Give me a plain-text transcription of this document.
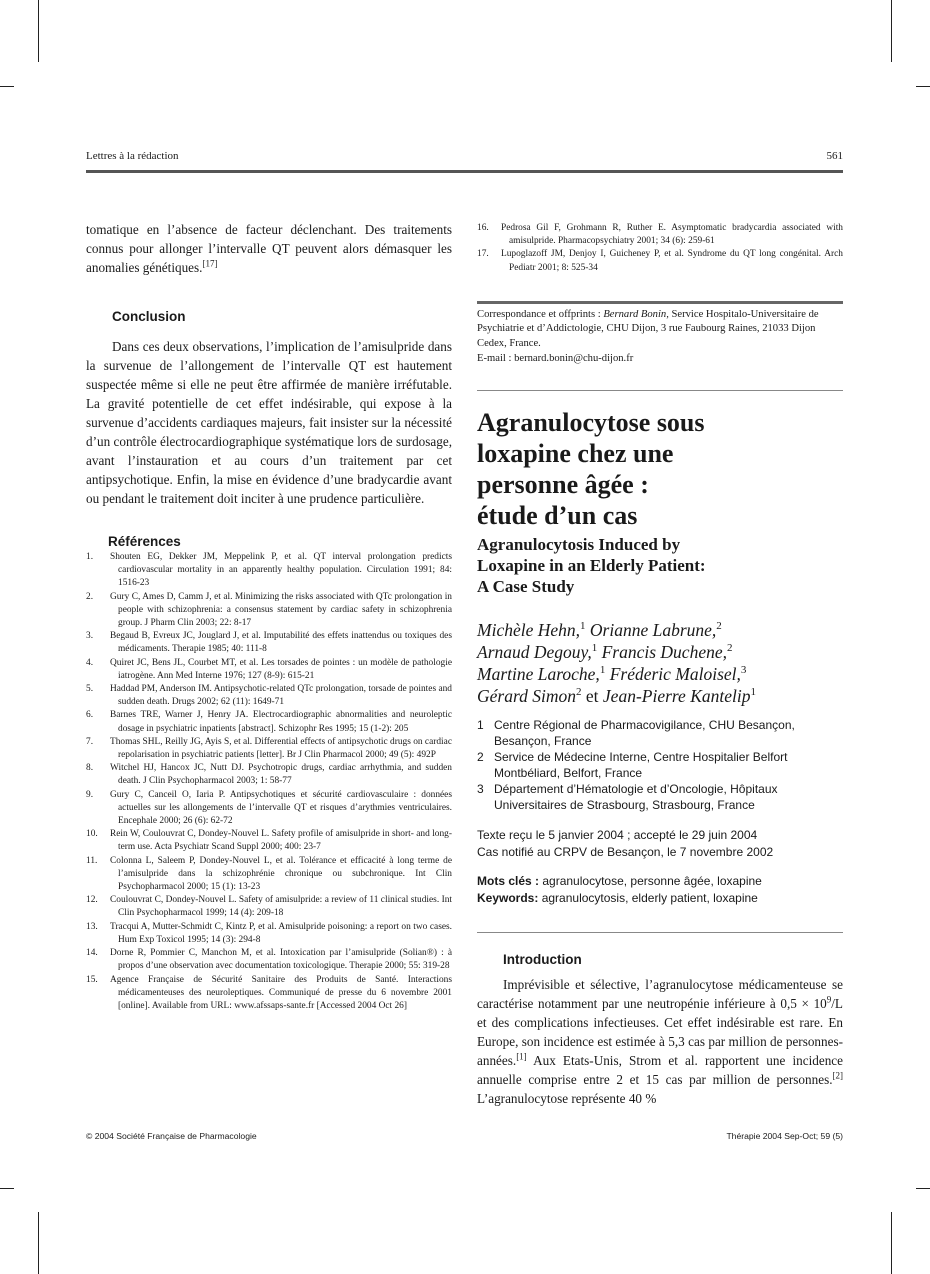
Lettres à la rédaction	561

tomatique en l’absence de facteur déclenchant. Des traitements connus pour allonger l’intervalle QT peuvent alors démasquer les anomalies génétiques.[17]

Conclusion

Dans ces deux observations, l’implication de l’amisulpride dans la survenue de l’allongement de l’intervalle QT est hautement suspectée même si elle ne peut être affirmée de manière irréfutable. La gravité potentielle de cet effet indésirable, qui expose à la survenue d’accidents cardiaques majeurs, fait insister sur la nécessité d’un contrôle électrocardiographique systématique lors de surdosage, avant l’instauration et au cours d’un traitement par cet antipsychotique. Enfin, la mise en évidence d’une bradycardie avant ou pendant le traitement doit inciter à une prudence particulière.

Références
1. Shouten EG, Dekker JM, Meppelink P, et al. QT interval prolongation predicts cardiovascular mortality in an apparently healthy population. Circulation 1991; 84: 1516-23
2. Gury C, Ames D, Camm J, et al. Minimizing the risks associated with QTc prolongation in people with schizophrenia: a consensus statement by cardiac safety in schizophrenia group. J Pharm Clin 2003; 22: 8-17
3. Begaud B, Evreux JC, Jouglard J, et al. Imputabilité des effets inattendus ou toxiques des médicaments. Therapie 1985; 40: 111-8
4. Quiret JC, Bens JL, Courbet MT, et al. Les torsades de pointes : un modèle de pathologie iatrogène. Ann Med Interne 1976; 127 (8-9): 615-21
5. Haddad PM, Anderson IM. Antipsychotic-related QTc prolongation, torsade de pointes and sudden death. Drugs 2002; 62 (11): 1649-71
6. Barnes TRE, Warner J, Henry JA. Electrocardiographic abnormalities and neuroleptic dosage in psychiatric inpatients [abstract]. Schizophr Res 1995; 15 (1-2): 205
7. Thomas SHL, Reilly JG, Ayis S, et al. Differential effects of antipsychotic drugs on cardiac repolarisation in psychiatric patients [letter]. Br J Clin Pharmacol 2000; 49 (5): 492P
8. Witchel HJ, Hancox JC, Nutt DJ. Psychotropic drugs, cardiac arrhythmia, and sudden death. J Clin Psychopharmacol 2003; 1: 58-77
9. Gury C, Canceil O, Iaria P. Antipsychotiques et sécurité cardiovasculaire : données actuelles sur les allongements de l’intervalle QT et risques d’arythmies ventriculaires. Encephale 2000; 26 (6): 62-72
10. Rein W, Coulouvrat C, Dondey-Nouvel L. Safety profile of amisulpride in short- and long-term use. Acta Psychiatr Scand Suppl 2000; 400: 23-7
11. Colonna L, Saleem P, Dondey-Nouvel L, et al. Tolérance et efficacité à long terme de l’amisulpride dans la schizophrénie chronique ou subchronique. Int Clin Psychopharmacol 2000; 15 (1): 13-23
12. Coulouvrat C, Dondey-Nouvel L. Safety of amisulpride: a review of 11 clinical studies. Int Clin Psychopharmacol 1999; 14 (4): 209-18
13. Tracqui A, Mutter-Schmidt C, Kintz P, et al. Amisulpride poisoning: a report on two cases. Hum Exp Toxicol 1995; 14 (3): 294-8
14. Dorne R, Pommier C, Manchon M, et al. Intoxication par l’amisulpride (Solian®) : à propos d’une observation avec documentation toxicologique. Therapie 2000; 55: 319-28
15. Agence Française de Sécurité Sanitaire des Produits de Santé. Interactions médicamenteuses des neuroleptiques. Communiqué de presse du 6 novembre 2001 [online]. Available from URL: www.afssaps-sante.fr [Accessed 2004 Oct 26]
16. Pedrosa Gil F, Grohmann R, Ruther E. Asymptomatic bradycardia associated with amisulpride. Pharmacopsychiatry 2001; 34 (6): 259-61
17. Lupoglazoff JM, Denjoy I, Guicheney P, et al. Syndrome du QT long congénital. Arch Pediatr 2001; 8: 525-34

Correspondance et offprints : Bernard Bonin, Service Hospitalo-Universitaire de Psychiatrie et d’Addictologie, CHU Dijon, 3 rue Faubourg Raines, 21033 Dijon Cedex, France.
E-mail : bernard.bonin@chu-dijon.fr

Agranulocytose sous
loxapine chez une
personne âgée :
étude d’un cas
Agranulocytosis Induced by
Loxapine in an Elderly Patient:
A Case Study

Michèle Hehn,$^1$ Orianne Labrune,$^2$
Arnaud Degouy,$^1$ Francis Duchene,$^2$
Martine Laroche,$^1$ Fréderic Maloisel,$^3$
Gérard Simon$^2$ et Jean-Pierre Kantelip$^1$

1 Centre Régional de Pharmacovigilance, CHU Besançon, Besançon, France
2 Service de Médecine Interne, Centre Hospitalier Belfort Montbéliard, Belfort, France
3 Département d’Hématologie et d’Oncologie, Hôpitaux Universitaires de Strasbourg, Strasbourg, France

Texte reçu le 5 janvier 2004 ; accepté le 29 juin 2004
Cas notifié au CRPV de Besançon, le 7 novembre 2002

Mots clés : agranulocytose, personne âgée, loxapine
Keywords: agranulocytosis, elderly patient, loxapine

Introduction

Imprévisible et sélective, l’agranulocytose médicamenteuse se caractérise notamment par une neutropénie inférieure à $0,5 \times 10^9/L$ et des complications infectieuses. Cet effet indésirable est rare. En Europe, son incidence est estimée à 5,3 cas par million de personnes-années.[1] Aux Etats-Unis, Strom et al. rapportent une incidence annuelle comprise entre 2 et 15 cas par million de personnes.[2] L’agranulocytose représente 40 %

© 2004 Société Française de Pharmacologie	Thérapie 2004 Sep-Oct; 59 (5)
